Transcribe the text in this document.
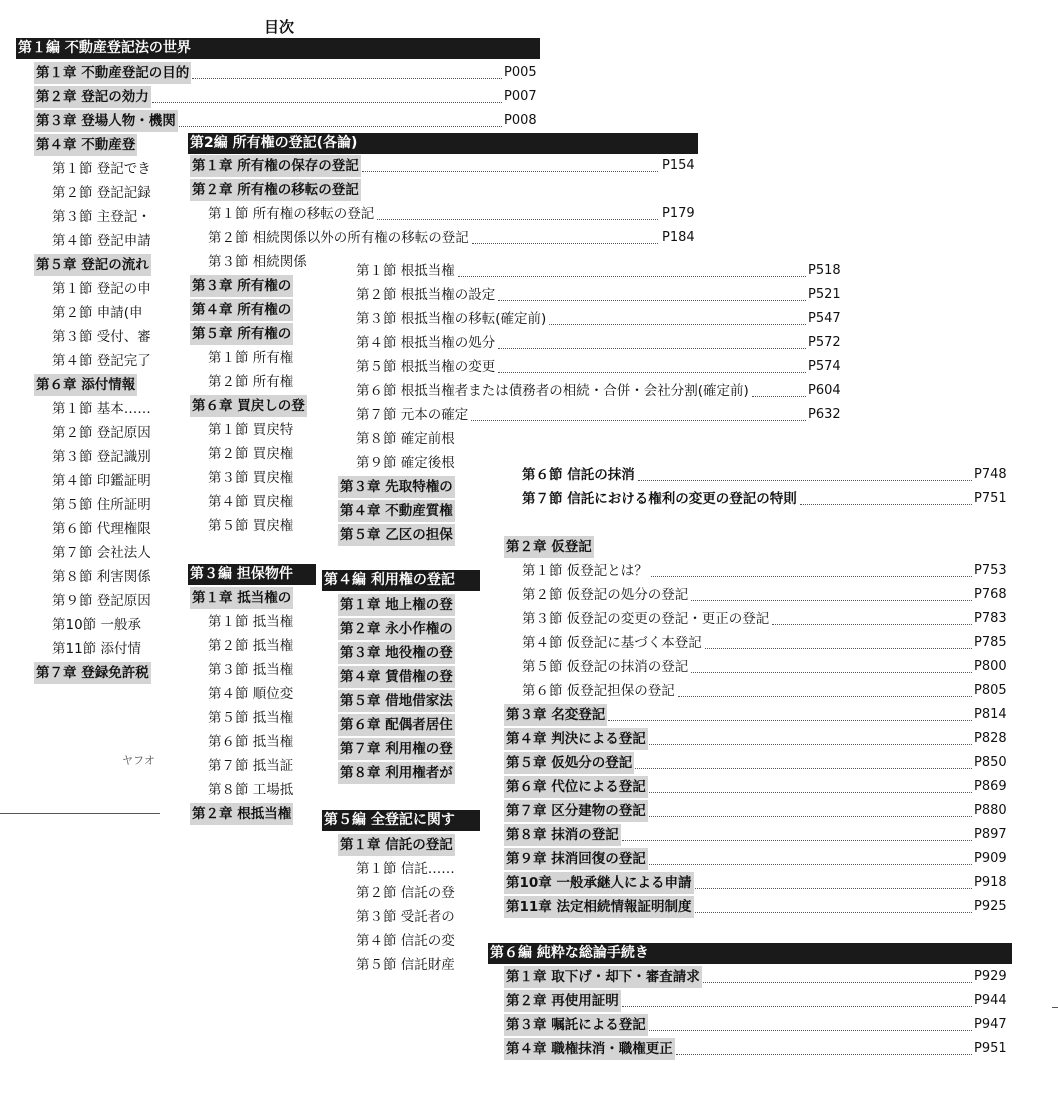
目次
ヤフオ
第１編 不動産登記法の世界
第１章 不動産登記の目的	P005
第２章 登記の効力	P007
第３章 登場人物・機関	P008
第４章 不動産登
第１節 登記でき
第２節 登記記録
第３節 主登記・
第４節 登記申請
第５章 登記の流れ
第１節 登記の申
第２節 申請(申
第３節 受付、審
第４節 登記完了
第６章 添付情報
第１節 基本……
第２節 登記原因
第３節 登記識別
第４節 印鑑証明
第５節 住所証明
第６節 代理権限
第７節 会社法人
第８節 利害関係
第９節 登記原因
第10節 一般承
第11節 添付情
第７章 登録免許税
第2編 所有権の登記(各論)
第１章 所有権の保存の登記	P154
第２章 所有権の移転の登記
第１節 所有権の移転の登記	P179
第２節 相続関係以外の所有権の移転の登記	P184
第３節 相続関係
第３章 所有権の
第４章 所有権の
第５章 所有権の
第１節 所有権
第２節 所有権
第６章 買戻しの登
第１節 買戻特
第２節 買戻権
第３節 買戻権
第４節 買戻権
第５節 買戻権
第３編 担保物件
第１章 抵当権の
第１節 抵当権
第２節 抵当権
第３節 抵当権
第４節 順位変
第５節 抵当権
第６節 抵当権
第７節 抵当証
第８節 工場抵
第２章 根抵当権
第１節 根抵当権	P518
第２節 根抵当権の設定	P521
第３節 根抵当権の移転(確定前)	P547
第４節 根抵当権の処分	P572
第５節 根抵当権の変更	P574
第６節 根抵当権者または債務者の相続・合併・会社分割(確定前)	P604
第７節 元本の確定	P632
第８節 確定前根
第９節 確定後根
第３章 先取特権の
第４章 不動産質権
第５章 乙区の担保
第４編 利用権の登記
第１章 地上権の登
第２章 永小作権の
第３章 地役権の登
第４章 賃借権の登
第５章 借地借家法
第６章 配偶者居住
第７章 利用権の登
第８章 利用権者が
第５編 全登記に関す
第１章 信託の登記
第１節 信託……
第２節 信託の登
第３節 受託者の
第４節 信託の変
第５節 信託財産
第６節 信託の抹消	P748
第７節 信託における権利の変更の登記の特則	P751
第２章 仮登記
第１節 仮登記とは？	P753
第２節 仮登記の処分の登記	P768
第３節 仮登記の変更の登記・更正の登記	P783
第４節 仮登記に基づく本登記	P785
第５節 仮登記の抹消の登記	P800
第６節 仮登記担保の登記	P805
第３章 名変登記	P814
第４章 判決による登記	P828
第５章 仮処分の登記	P850
第６章 代位による登記	P869
第７章 区分建物の登記	P880
第８章 抹消の登記	P897
第９章 抹消回復の登記	P909
第10章 一般承継人による申請	P918
第11章 法定相続情報証明制度	P925
第６編 純粋な総論手続き
第１章 取下げ・却下・審査請求	P929
第２章 再使用証明	P944
第３章 嘱託による登記	P947
第４章 職権抹消・職権更正	P951
